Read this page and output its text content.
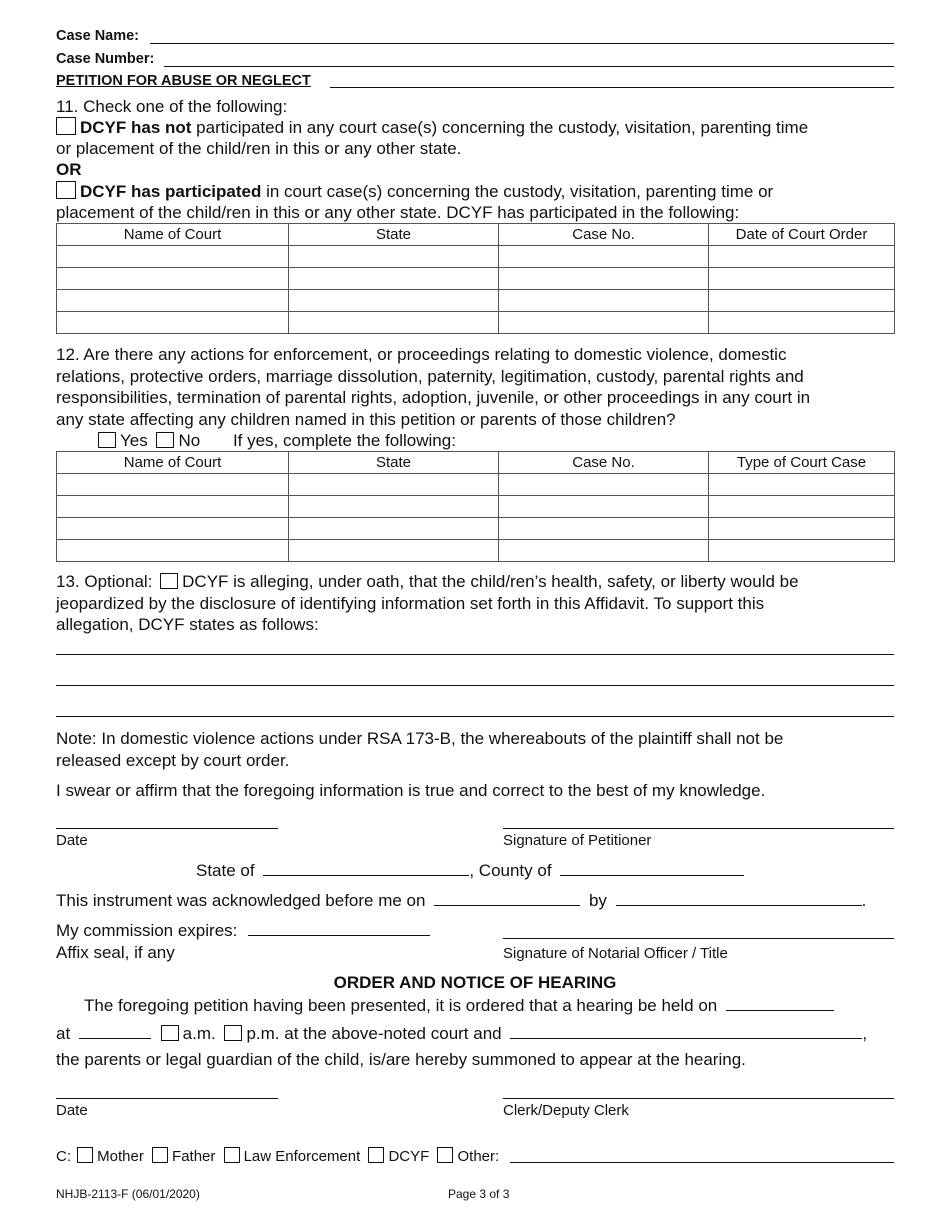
Case Name:
Case Number:
PETITION FOR ABUSE OR NEGLECT
11. Check one of the following:
DCYF has not participated in any court case(s) concerning the custody, visitation, parenting time
or placement of the child/ren in this or any other state.
OR
DCYF has participated in court case(s) concerning the custody, visitation, parenting time or
placement of the child/ren in this or any other state. DCYF has participated in the following:
Name of Court	State	Case No.	Date of Court Order

12. Are there any actions for enforcement, or proceedings relating to domestic violence, domestic
relations, protective orders, marriage dissolution, paternity, legitimation, custody, parental rights and
responsibilities, termination of parental rights, adoption, juvenile, or other proceedings in any court in
any state affecting any children named in this petition or parents of those children?
Yes No If yes, complete the following:
Name of Court	State	Case No.	Type of Court Case

13. Optional: DCYF is alleging, under oath, that the child/ren’s health, safety, or liberty would be
jeopardized by the disclosure of identifying information set forth in this Affidavit. To support this
allegation, DCYF states as follows:
Note: In domestic violence actions under RSA 173-B, the whereabouts of the plaintiff shall not be
released except by court order.
I swear or affirm that the foregoing information is true and correct to the best of my knowledge.
Date	Signature of Petitioner
State of	, County of
This instrument was acknowledged before me on	by	.
My commission expires:
Affix seal, if any	Signature of Notarial Officer / Title
ORDER AND NOTICE OF HEARING
The foregoing petition having been presented, it is ordered that a hearing be held on
at	a.m. p.m. at the above-noted court and	,
the parents or legal guardian of the child, is/are hereby summoned to appear at the hearing.
Date	Clerk/Deputy Clerk
C: Mother Father Law Enforcement DCYF Other:
NHJB-2113-F (06/01/2020)	Page 3 of 3
